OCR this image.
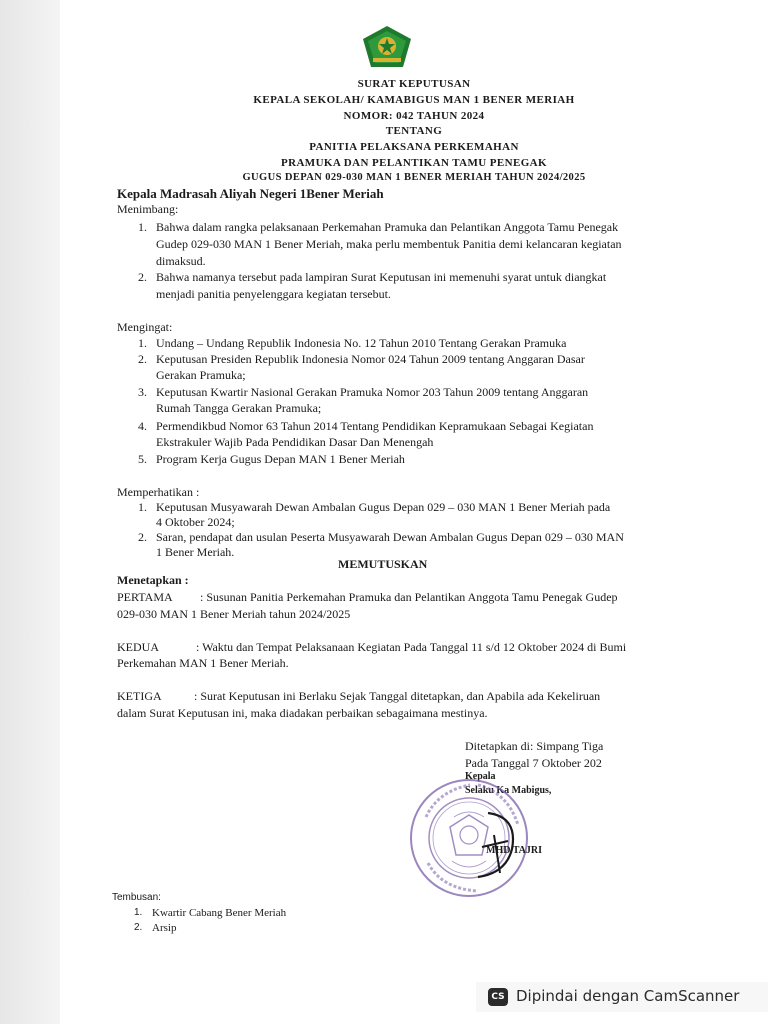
SURAT KEPUTUSAN
KEPALA SEKOLAH/ KAMABIGUS MAN 1 BENER MERIAH
NOMOR: 042 TAHUN 2024
TENTANG
PANITIA PELAKSANA PERKEMAHAN
PRAMUKA DAN PELANTIKAN TAMU PENEGAK
GUGUS DEPAN 029-030 MAN 1 BENER MERIAH TAHUN 2024/2025
Kepala Madrasah Aliyah Negeri 1Bener Meriah
Menimbang:
1. Bahwa dalam rangka pelaksanaan Perkemahan Pramuka dan Pelantikan Anggota Tamu Penegak
Gudep 029-030 MAN 1 Bener Meriah, maka perlu membentuk Panitia demi kelancaran kegiatan
dimaksud.
2. Bahwa namanya tersebut pada lampiran Surat Keputusan ini memenuhi syarat untuk diangkat
menjadi panitia penyelenggara kegiatan tersebut.
Mengingat:
1. Undang – Undang Republik Indonesia No. 12 Tahun 2010 Tentang Gerakan Pramuka
2. Keputusan Presiden Republik Indonesia Nomor 024 Tahun 2009 tentang Anggaran Dasar
Gerakan Pramuka;
3. Keputusan Kwartir Nasional Gerakan Pramuka Nomor 203 Tahun 2009 tentang Anggaran
Rumah Tangga Gerakan Pramuka;
4. Permendikbud Nomor 63 Tahun 2014 Tentang Pendidikan Kepramukaan Sebagai Kegiatan
Ekstrakuler Wajib Pada Pendidikan Dasar Dan Menengah
5. Program Kerja Gugus Depan MAN 1 Bener Meriah
Memperhatikan :
1. Keputusan Musyawarah Dewan Ambalan Gugus Depan 029 – 030 MAN 1 Bener Meriah pada
4 Oktober 2024;
2. Saran, pendapat dan usulan Peserta Musyawarah Dewan Ambalan Gugus Depan 029 – 030 MAN
1 Bener Meriah.
MEMUTUSKAN
Menetapkan :
PERTAMA : Susunan Panitia Perkemahan Pramuka dan Pelantikan Anggota Tamu Penegak Gudep
029-030 MAN 1 Bener Meriah tahun 2024/2025
KEDUA	: Waktu dan Tempat Pelaksanaan Kegiatan Pada Tanggal 11 s/d 12 Oktober 2024 di Bumi
Perkemahan MAN 1 Bener Meriah.
KETIGA	: Surat Keputusan ini Berlaku Sejak Tanggal ditetapkan, dan Apabila ada Kekeliruan
dalam Surat Keputusan ini, maka diadakan perbaikan sebagaimana mestinya.
Ditetapkan di: Simpang Tiga
Pada Tanggal 7 Oktober 202
Kepala
Selaku Ka Mabigus,
MHD TAJRI
Tembusan:
1. Kwartir Cabang Bener Meriah
2. Arsip
CS Dipindai dengan CamScanner
